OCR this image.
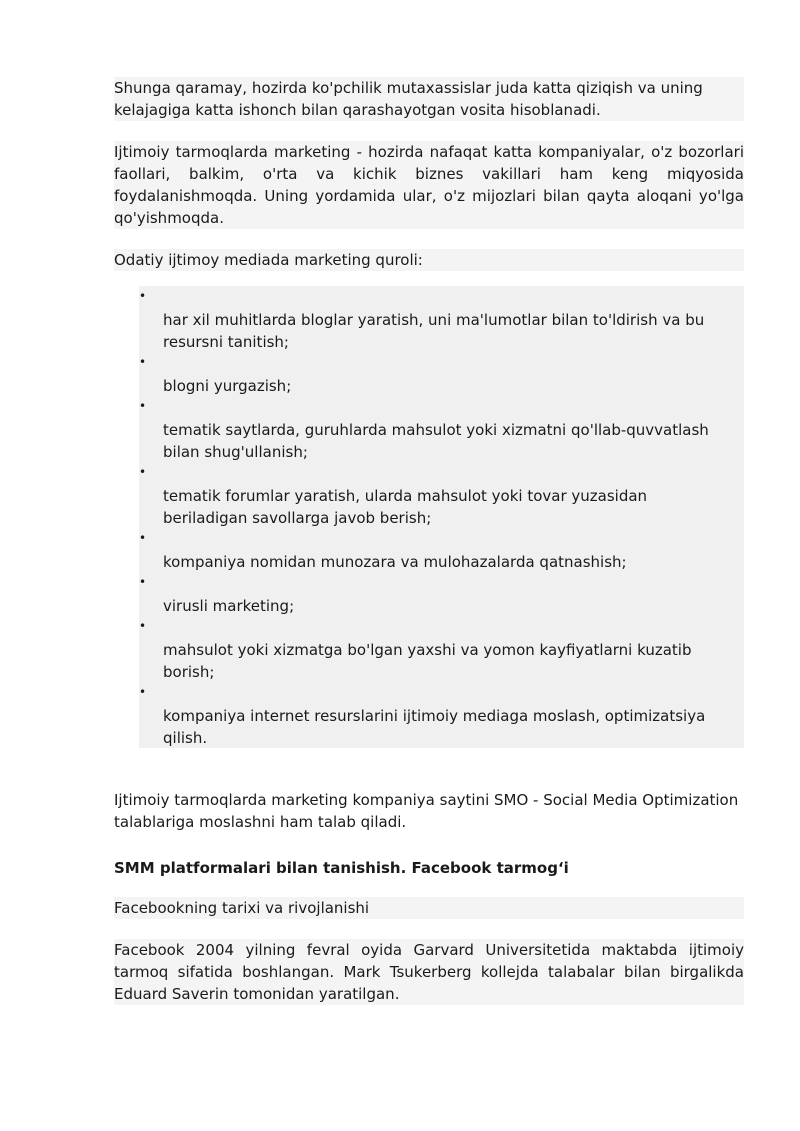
Shunga qaramay, hozirda ko'pchilik mutaxassislar juda katta qiziqish va uning kelajagiga katta ishonch bilan qarashayotgan vosita hisoblanadi.

Ijtimoiy tarmoqlarda marketing - hozirda nafaqat katta kompaniyalar, o'z bozorlari faollari, balkim, o'rta va kichik biznes vakillari ham keng miqyosida foydalanishmoqda. Uning yordamida ular, o'z mijozlari bilan qayta aloqani yo'lga qo'yishmoqda.

Odatiy ijtimoy mediada marketing quroli:

•

har xil muhitlarda bloglar yaratish, uni ma'lumotlar bilan to'ldirish va bu resursni tanitish;

•

blogni yurgazish;

•

tematik saytlarda, guruhlarda mahsulot yoki xizmatni qo'llab-quvvatlash bilan shug'ullanish;

•

tematik forumlar yaratish, ularda mahsulot yoki tovar yuzasidan beriladigan savollarga javob berish;

•

kompaniya nomidan munozara va mulohazalarda qatnashish;

•

virusli marketing;

•

mahsulot yoki xizmatga bo'lgan yaxshi va yomon kayfiyatlarni kuzatib borish;

•

kompaniya internet resurslarini ijtimoiy mediaga moslash, optimizatsiya qilish.

Ijtimoiy tarmoqlarda marketing kompaniya saytini SMO - Social Media Optimization talablariga moslashni ham talab qiladi.

SMM platformalari bilan tanishish. Facebook tarmog‘i

Facebookning tarixi va rivojlanishi

Facebook 2004 yilning fevral oyida Garvard Universitetida maktabda ijtimoiy tarmoq sifatida boshlangan. Mark Tsukerberg kollejda talabalar bilan birgalikda Eduard Saverin tomonidan yaratilgan.
